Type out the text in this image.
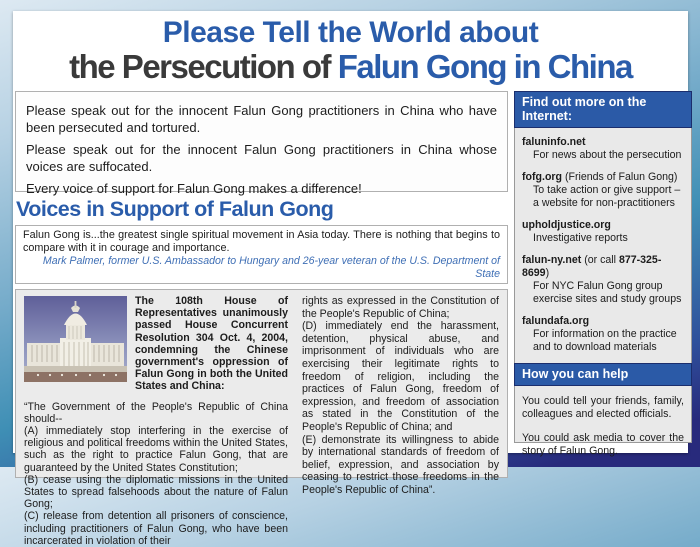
Please Tell the World about
the Persecution of Falun Gong in China

Please speak out for the innocent Falun Gong practitioners in China who have been persecuted and tortured.

Please speak out for the innocent Falun Gong practitioners in China whose voices are suffocated.

Every voice of support for Falun Gong makes a difference!

Voices in Support of Falun Gong
Falun Gong is...the greatest single spiritual movement in Asia today. There is nothing that begins to compare with it in courage and importance.
Mark Palmer, former U.S. Ambassador to Hungary and 26-year veteran of the U.S. Department of State

The 108th House of Representatives unanimously passed House Concurrent Resolution 304 Oct. 4, 2004, condemning the Chinese government's oppression of Falun Gong in both the United States and China:

“The Government of the People's Republic of China should--

(A) immediately stop interfering in the exercise of religious and political freedoms within the United States, such as the right to practice Falun Gong, that are guaranteed by the United States Constitution;

(B) cease using the diplomatic missions in the United States to spread falsehoods about the nature of Falun Gong;

(C) release from detention all prisoners of conscience, including practitioners of Falun Gong, who have been incarcerated in violation of their

rights as expressed in the Constitution of the People's Republic of China;

(D) immediately end the harassment, detention, physical abuse, and imprisonment of individuals who are exercising their legitimate rights to freedom of religion, including the practices of Falun Gong, freedom of expression, and freedom of association as stated in the Constitution of the People's Republic of China; and

(E) demonstrate its willingness to abide by international standards of freedom of belief, expression, and association by ceasing to restrict those freedoms in the People's Republic of China”.

Find out more on the Internet:
faluninfo.net
For news about the persecution
fofg.org (Friends of Falun Gong)
To take action or give support –
a website for non-practitioners
upholdjustice.org
Investigative reports
falun-ny.net (or call 877-325-8699)
For NYC Falun Gong group exercise sites and study groups
falundafa.org
For information on the practice and to download materials
How you can help

You could tell your friends, family, colleagues and elected officials.

You could ask media to cover the story of Falun Gong.
